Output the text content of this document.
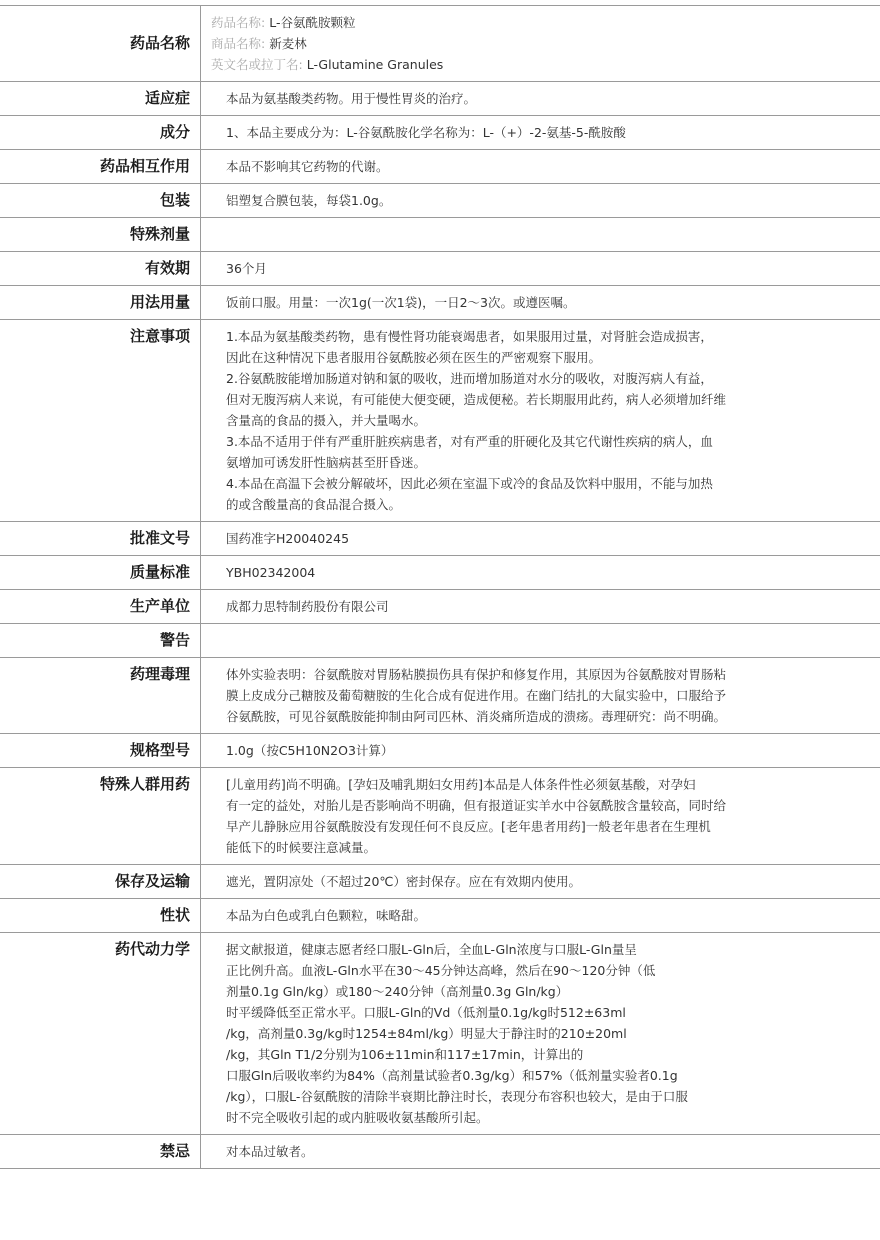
药品名称
药品名称: L-谷氨酰胺颗粒
商品名称: 新麦林
英文名或拉丁名: L-Glutamine Granules
适应症	本品为氨基酸类药物。用于慢性胃炎的治疗。
成分	1、本品主要成分为：L-谷氨酰胺化学名称为：L-（+）-2-氨基-5-酰胺酸
药品相互作用	本品不影响其它药物的代谢。
包装	铝塑复合膜包装，每袋1.0g。
特殊剂量

有效期	36个月
用法用量	饭前口服。用量：一次1g(一次1袋)，一日2～3次。或遵医嘱。
注意事项	1.本品为氨基酸类药物，患有慢性肾功能衰竭患者，如果服用过量，对肾脏会造成损害，
因此在这种情况下患者服用谷氨酰胺必须在医生的严密观察下服用。
2.谷氨酰胺能增加肠道对钠和氯的吸收，进而增加肠道对水分的吸收，对腹泻病人有益，
但对无腹泻病人来说，有可能使大便变硬，造成便秘。若长期服用此药，病人必须增加纤维
含量高的食品的摄入，并大量喝水。
3.本品不适用于伴有严重肝脏疾病患者，对有严重的肝硬化及其它代谢性疾病的病人，血
氨增加可诱发肝性脑病甚至肝昏迷。
4.本品在高温下会被分解破坏，因此必须在室温下或冷的食品及饮料中服用，不能与加热
的或含酸量高的食品混合摄入。
批准文号	国药准字H20040245
质量标准	YBH02342004
生产单位	成都力思特制药股份有限公司
警告

药理毒理	体外实验表明：谷氨酰胺对胃肠粘膜损伤具有保护和修复作用，其原因为谷氨酰胺对胃肠粘
膜上皮成分己糖胺及葡萄糖胺的生化合成有促进作用。在幽门结扎的大鼠实验中，口服给予
谷氨酰胺，可见谷氨酰胺能抑制由阿司匹林、消炎痛所造成的溃疡。毒理研究：尚不明确。
规格型号	1.0g（按C5H10N2O3计算）
特殊人群用药	[儿童用药]尚不明确。[孕妇及哺乳期妇女用药]本品是人体条件性必须氨基酸，对孕妇
有一定的益处，对胎儿是否影响尚不明确，但有报道证实羊水中谷氨酰胺含量较高，同时给
早产儿静脉应用谷氨酰胺没有发现任何不良反应。[老年患者用药]一般老年患者在生理机
能低下的时候要注意减量。
保存及运输	遮光，置阴凉处（不超过20℃）密封保存。应在有效期内使用。
性状	本品为白色或乳白色颗粒，味略甜。
药代动力学	据文献报道，健康志愿者经口服L-Gln后，全血L-Gln浓度与口服L-Gln量呈
正比例升高。血液L-Gln水平在30～45分钟达高峰，然后在90～120分钟（低
剂量0.1g Gln/kg）或180～240分钟（高剂量0.3g Gln/kg）
时平缓降低至正常水平。口服L-Gln的Vd（低剂量0.1g/kg时512±63ml
/kg，高剂量0.3g/kg时1254±84ml/kg）明显大于静注时的210±20ml
/kg，其Gln T1/2分别为106±11min和117±17min，计算出的
口服Gln后吸收率约为84%（高剂量试验者0.3g/kg）和57%（低剂量实验者0.1g
/kg），口服L-谷氨酰胺的清除半衰期比静注时长，表现分布容积也较大，是由于口服
时不完全吸收引起的或内脏吸收氨基酸所引起。
禁忌	对本品过敏者。
